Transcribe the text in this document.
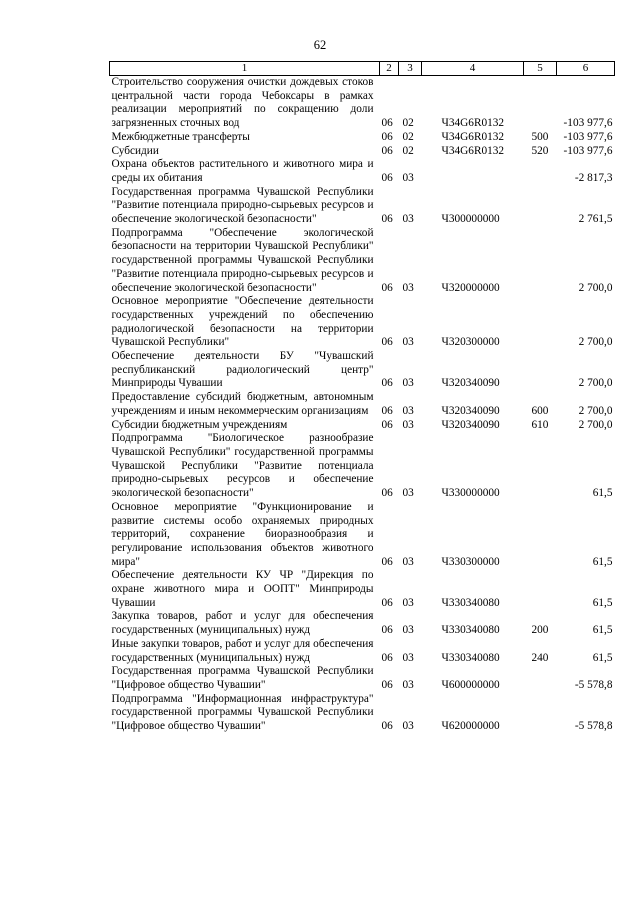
62
1	2	3	4	5	6
Строительство сооружения очистки дождевых стоков центральной части города Чебоксары в рамках реализации мероприятий по сокращению доли загрязненных сточных вод	06	02	Ч34G6R0132		-103 977,6
Межбюджетные трансферты	06	02	Ч34G6R0132	500	-103 977,6
Субсидии	06	02	Ч34G6R0132	520	-103 977,6
Охрана объектов растительного и животного мира и среды их обитания	06	03			-2 817,3
Государственная программа Чувашской Республики "Развитие потенциала природно-сырьевых ресурсов и обеспечение экологической безопасности"	06	03	Ч300000000		2 761,5
Подпрограмма "Обеспечение экологической безопасности на территории Чувашской Республики" государственной программы Чувашской Республики "Развитие потенциала природно-сырьевых ресурсов и обеспечение экологической безопасности"	06	03	Ч320000000		2 700,0
Основное мероприятие "Обеспечение деятельности государственных учреждений по обеспечению радиологической безопасности на территории Чувашской Республики"	06	03	Ч320300000		2 700,0
Обеспечение деятельности БУ "Чувашский республиканский радиологический центр" Минприроды Чувашии	06	03	Ч320340090		2 700,0
Предоставление субсидий бюджетным, автономным учреждениям и иным некоммерческим организациям	06	03	Ч320340090	600	2 700,0
Субсидии бюджетным учреждениям	06	03	Ч320340090	610	2 700,0
Подпрограмма "Биологическое разнообразие Чувашской Республики" государственной программы Чувашской Республики "Развитие потенциала природно-сырьевых ресурсов и обеспечение экологической безопасности"	06	03	Ч330000000		61,5
Основное мероприятие "Функционирование и развитие системы особо охраняемых природных территорий, сохранение биоразнообразия и регулирование использования объектов животного мира"	06	03	Ч330300000		61,5
Обеспечение деятельности КУ ЧР "Дирекция по охране животного мира и ООПТ" Минприроды Чувашии	06	03	Ч330340080		61,5
Закупка товаров, работ и услуг для обеспечения государственных (муниципальных) нужд	06	03	Ч330340080	200	61,5
Иные закупки товаров, работ и услуг для обеспечения государственных (муниципальных) нужд	06	03	Ч330340080	240	61,5
Государственная программа Чувашской Республики "Цифровое общество Чувашии"	06	03	Ч600000000		-5 578,8
Подпрограмма "Информационная инфраструктура" государственной программы Чувашской Республики "Цифровое общество Чувашии"	06	03	Ч620000000		-5 578,8
